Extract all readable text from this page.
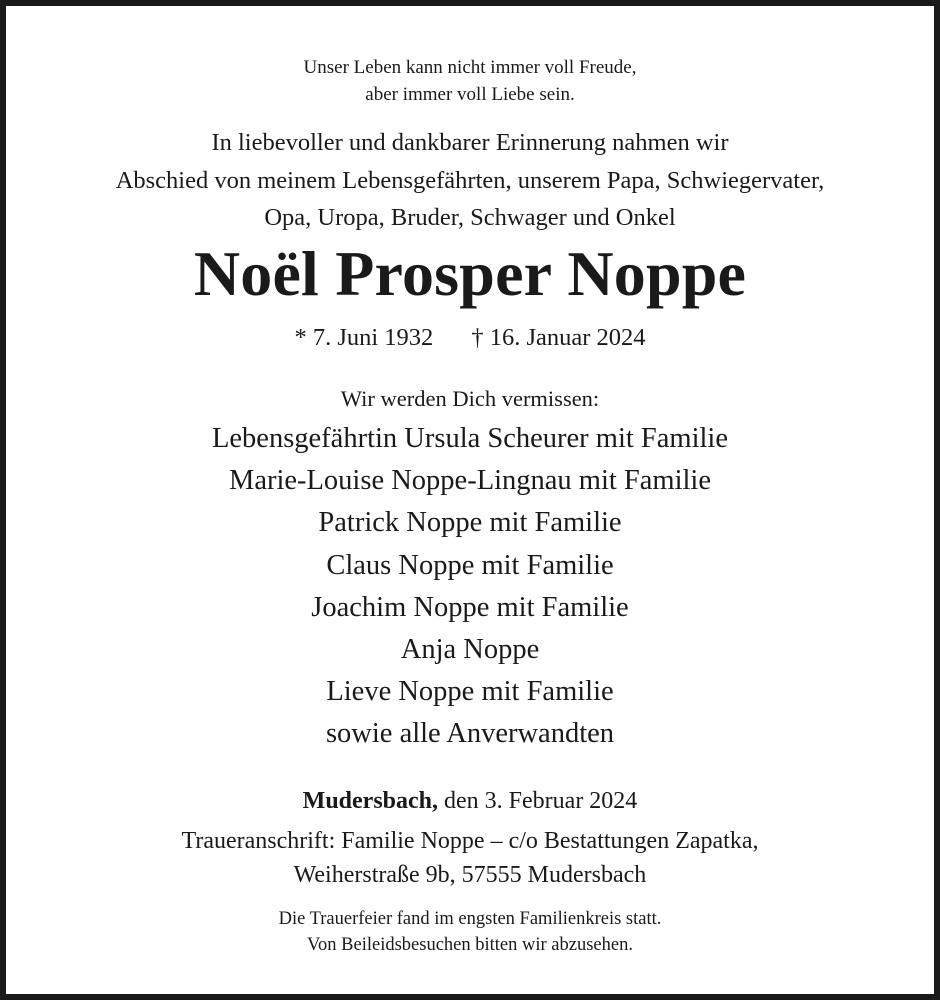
Unser Leben kann nicht immer voll Freude,
aber immer voll Liebe sein.
In liebevoller und dankbarer Erinnerung nahmen wir
Abschied von meinem Lebensgefährten, unserem Papa, Schwiegervater,
Opa, Uropa, Bruder, Schwager und Onkel
Noël Prosper Noppe
* 7. Juni 1932 † 16. Januar 2024
Wir werden Dich vermissen:
Lebensgefährtin Ursula Scheurer mit Familie
Marie-Louise Noppe-Lingnau mit Familie
Patrick Noppe mit Familie
Claus Noppe mit Familie
Joachim Noppe mit Familie
Anja Noppe
Lieve Noppe mit Familie
sowie alle Anverwandten
Mudersbach, den 3. Februar 2024
Traueranschrift: Familie Noppe – c/o Bestattungen Zapatka,
Weiherstraße 9b, 57555 Mudersbach
Die Trauerfeier fand im engsten Familienkreis statt.
Von Beileidsbesuchen bitten wir abzusehen.
